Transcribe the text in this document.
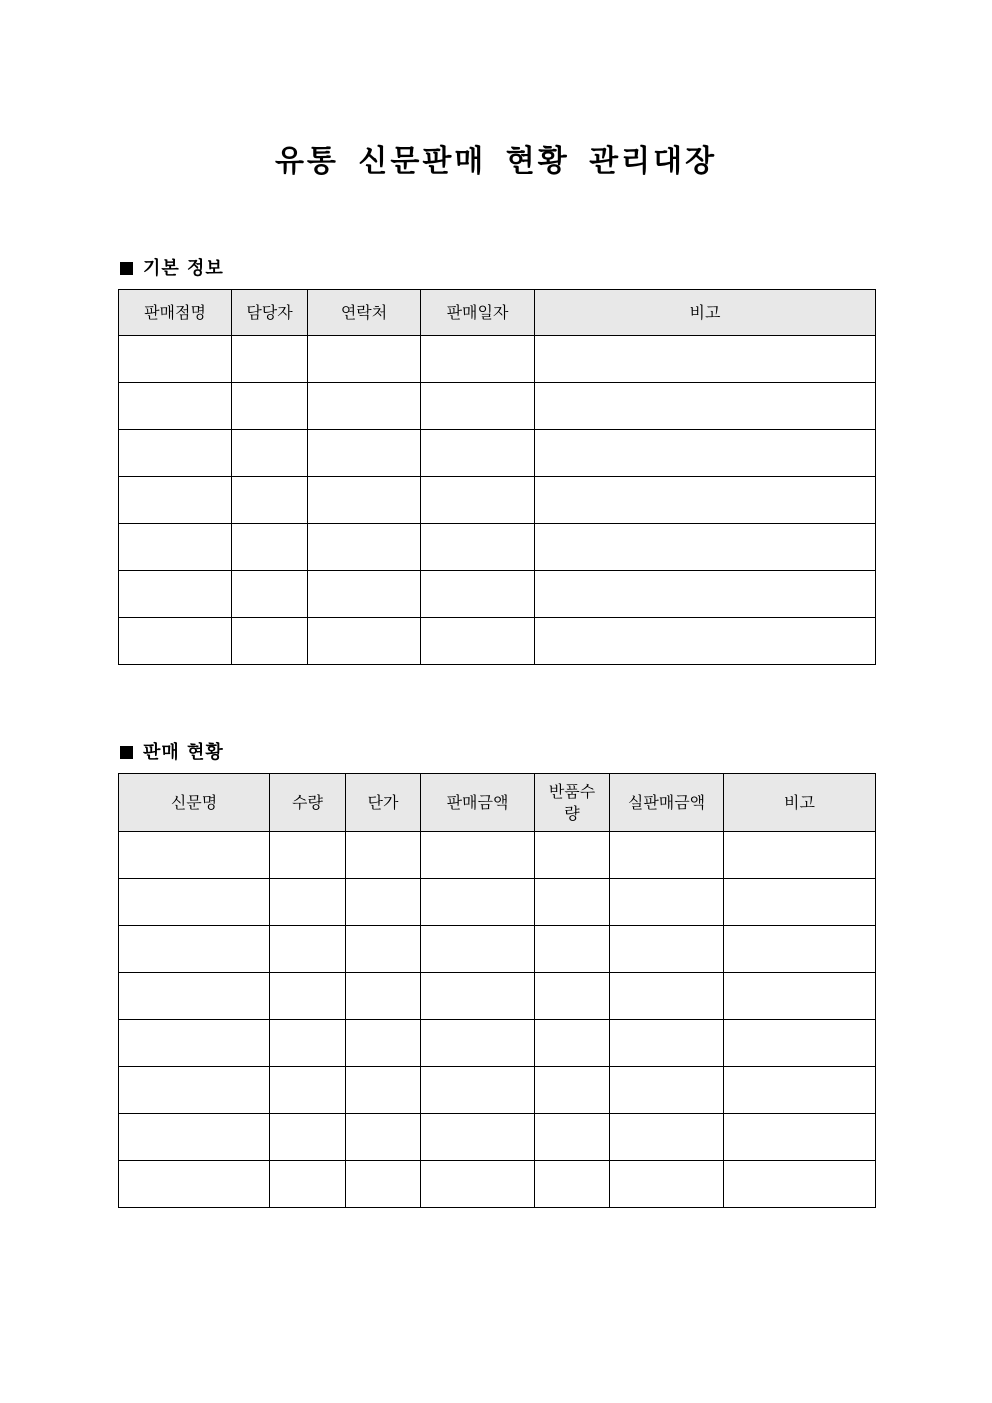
유통 신문판매 현황 관리대장
기본 정보
판매점명	담당자	연락처	판매일자	비고

판매 현황
신문명	수량	단가	판매금액	반품수량	실판매금액	비고
